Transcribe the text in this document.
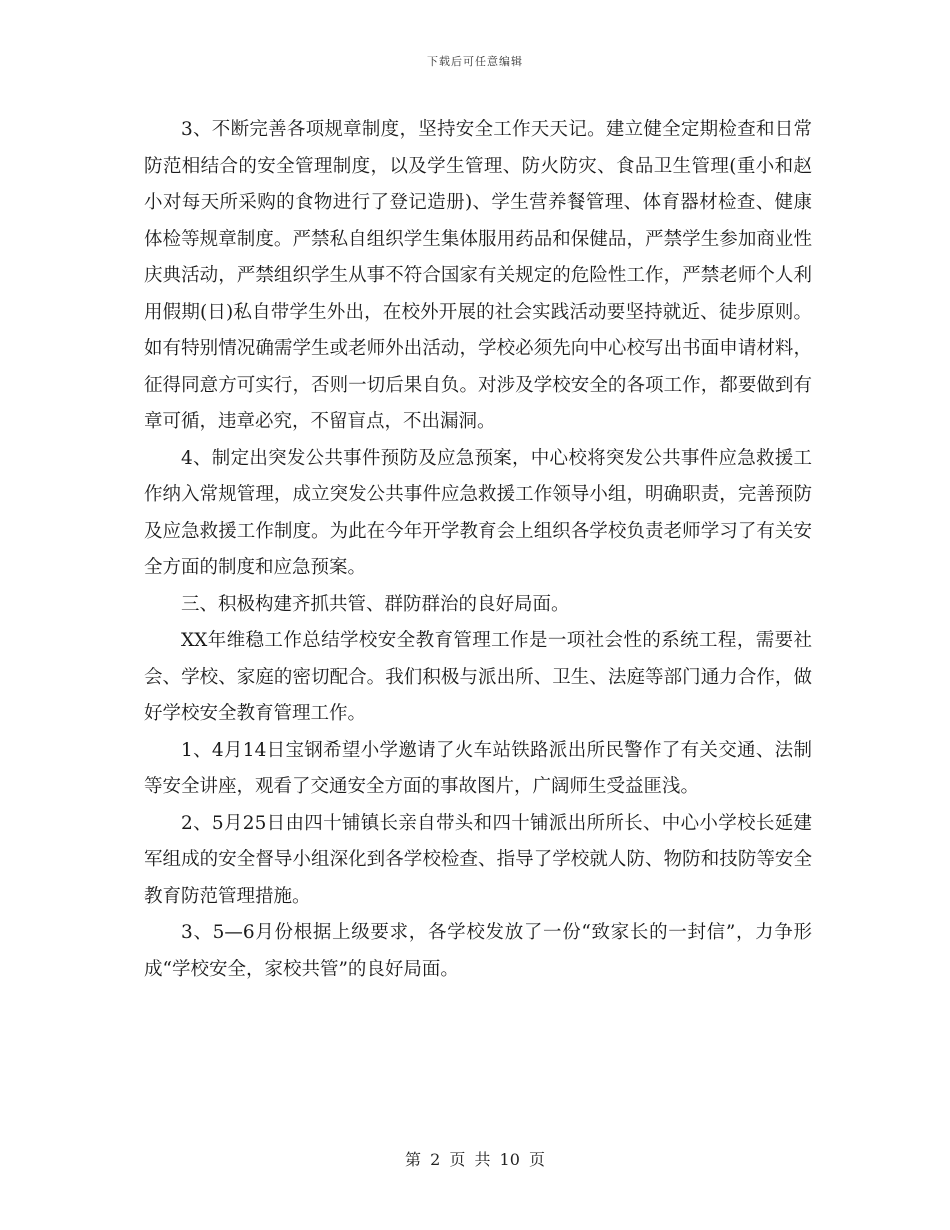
下载后可任意编辑

3、不断完善各项规章制度，坚持安全工作天天记。建立健全定期检查和日常防范相结合的安全管理制度，以及学生管理、防火防灾、食品卫生管理(重小和赵小对每天所采购的食物进行了登记造册)、学生营养餐管理、体育器材检查、健康体检等规章制度。严禁私自组织学生集体服用药品和保健品，严禁学生参加商业性庆典活动，严禁组织学生从事不符合国家有关规定的危险性工作，严禁老师个人利用假期(日)私自带学生外出，在校外开展的社会实践活动要坚持就近、徒步原则。如有特别情况确需学生或老师外出活动，学校必须先向中心校写出书面申请材料，征得同意方可实行，否则一切后果自负。对涉及学校安全的各项工作，都要做到有章可循，违章必究，不留盲点，不出漏洞。

4、制定出突发公共事件预防及应急预案，中心校将突发公共事件应急救援工作纳入常规管理，成立突发公共事件应急救援工作领导小组，明确职责，完善预防及应急救援工作制度。为此在今年开学教育会上组织各学校负责老师学习了有关安全方面的制度和应急预案。

三、积极构建齐抓共管、群防群治的良好局面。

XX年维稳工作总结学校安全教育管理工作是一项社会性的系统工程，需要社会、学校、家庭的密切配合。我们积极与派出所、卫生、法庭等部门通力合作，做好学校安全教育管理工作。

1、4月14日宝钢希望小学邀请了火车站铁路派出所民警作了有关交通、法制等安全讲座，观看了交通安全方面的事故图片，广阔师生受益匪浅。

2、5月25日由四十铺镇长亲自带头和四十铺派出所所长、中心小学校长延建军组成的安全督导小组深化到各学校检查、指导了学校就人防、物防和技防等安全教育防范管理措施。

3、5—6月份根据上级要求，各学校发放了一份“致家长的一封信”，力争形成“学校安全，家校共管”的良好局面。

第 2 页 共 10 页
